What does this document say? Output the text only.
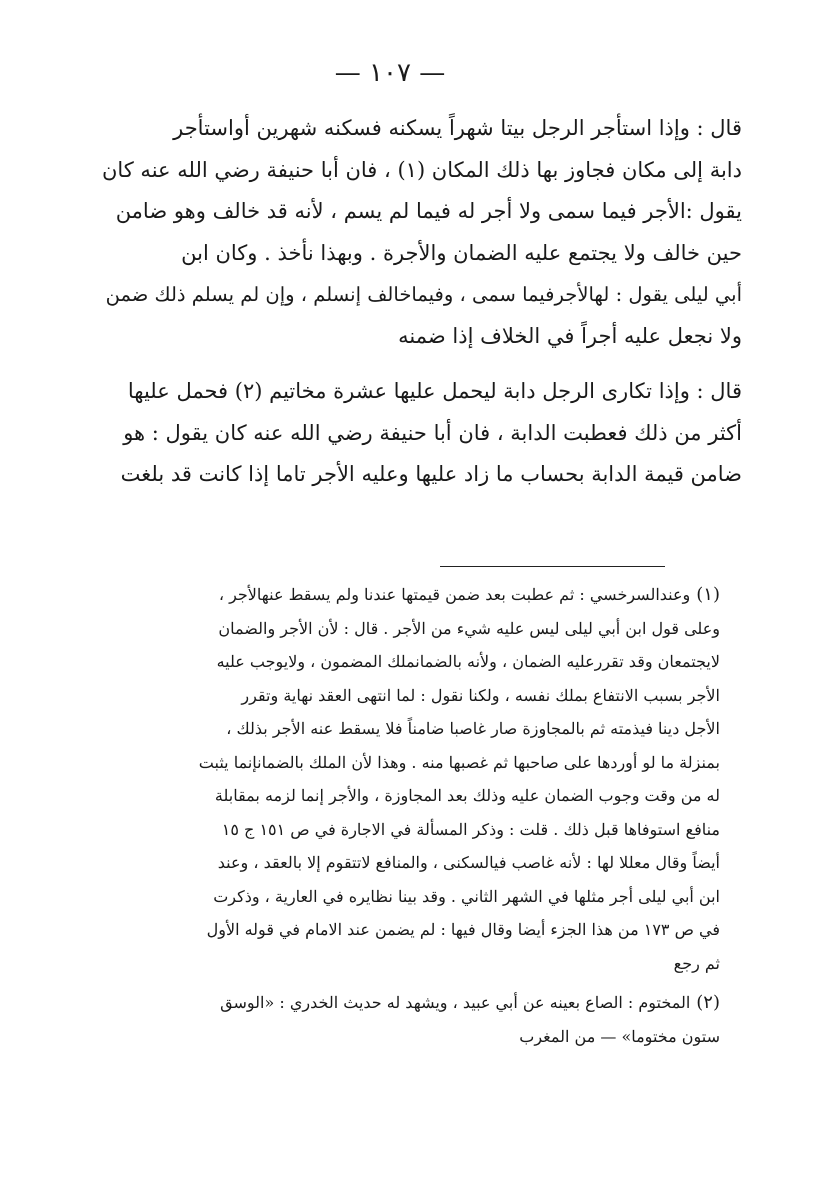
— ١٠٧ —

قال : وإذا استأجر الرجل بيتا شهراً يسكنه فسكنه شهرين أواستأجر
دابة إلى مكان فجاوز بها ذلك المكان (١) ، فان أبا حنيفة رضي الله عنه كان
يقول :الأجر فيما سمى ولا أجر له فيما لم يسم ، لأنه قد خالف وهو ضامن
حين خالف ولا يجتمع عليه الضمان والأجرة . وبهذا نأخذ . وكان ابن
أبي ليلى يقول : لهالأجرفيما سمى ، وفيماخالف إنسلم ، وإن لم يسلم ذلك ضمن
ولا نجعل عليه أجراً في الخلاف إذا ضمنه

قال : وإذا تكارى الرجل دابة ليحمل عليها عشرة مخاتيم (٢) فحمل عليها
أكثر من ذلك فعطبت الدابة ، فان أبا حنيفة رضي الله عنه كان يقول : هو
ضامن قيمة الدابة بحساب ما زاد عليها وعليه الأجر تاما إذا كانت قد بلغت

(١)وعندالسرخسي : ثم عطبت بعد ضمن قيمتها عندنا ولم يسقط عنهالأجر ،
وعلى قول ابن أبي ليلى ليس عليه شيء من الأجر . قال : لأن الأجر والضمان
لايجتمعان وقد تقررعليه الضمان ، ولأنه بالضمانملك المضمون ، ولايوجب عليه
الأجر بسبب الانتفاع بملك نفسه ، ولكنا نقول : لما انتهى العقد نهاية وتقرر
الأجل دينا فيذمته ثم بالمجاوزة صار غاصبا ضامناً فلا يسقط عنه الأجر بذلك ،
بمنزلة ما لو أوردها على صاحبها ثم غصبها منه . وهذا لأن الملك بالضمانإنما يثبت
له من وقت وجوب الضمان عليه وذلك بعد المجاوزة ، والأجر إنما لزمه بمقابلة
منافع استوفاها قبل ذلك . قلت : وذكر المسألة في الاجارة في ص ١٥١ ج ١٥
أيضاً وقال معللا لها : لأنه غاصب فيالسكنى ، والمنافع لاتتقوم إلا بالعقد ، وعند
ابن أبي ليلى أجر مثلها في الشهر الثاني . وقد بينا نظايره في العارية ، وذكرت
في ص ١٧٣ من هذا الجزء أيضا وقال فيها : لم يضمن عند الامام في قوله الأول
ثم رجع

(٢)المختوم : الصاع بعينه عن أبي عبيد ، ويشهد له حديث الخدري : «الوسق
ستون مختوما» — من المغرب
